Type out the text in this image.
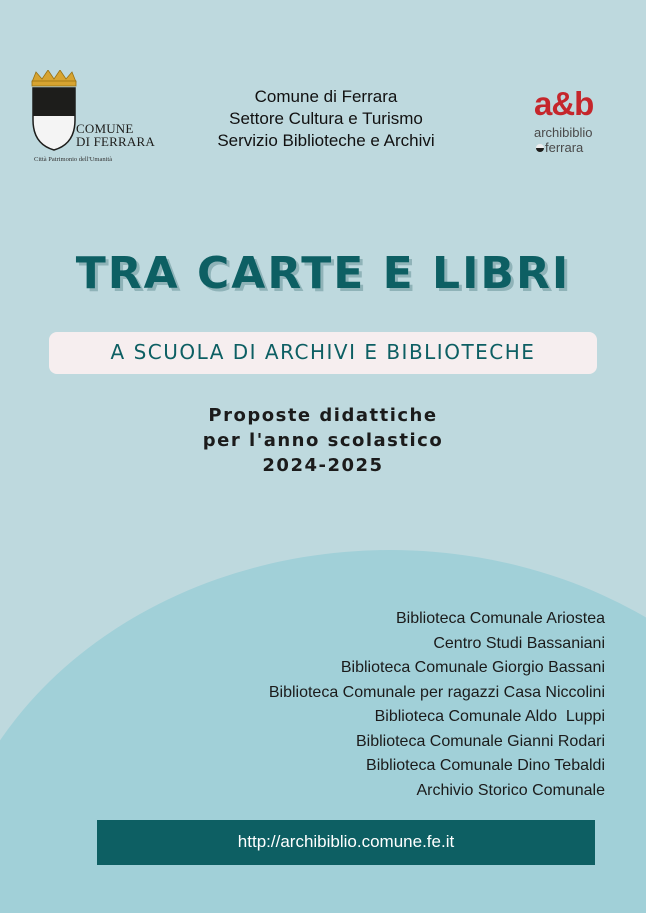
COMUNE
DI FERRARA
Città Patrimonio dell'Umanità
Comune di Ferrara
Settore Cultura e Turismo
Servizio Biblioteche e Archivi
a&b
archibiblio
ferrara
TRA CARTE E LIBRI
A SCUOLA DI ARCHIVI E BIBLIOTECHE
Proposte didattiche
per l'anno scolastico
2024-2025
Biblioteca Comunale Ariostea
Centro Studi Bassaniani
Biblioteca Comunale Giorgio Bassani
Biblioteca Comunale per ragazzi Casa Niccolini
Biblioteca Comunale Aldo  Luppi
Biblioteca Comunale Gianni Rodari
Biblioteca Comunale Dino Tebaldi
Archivio Storico Comunale
http://archibiblio.comune.fe.it
